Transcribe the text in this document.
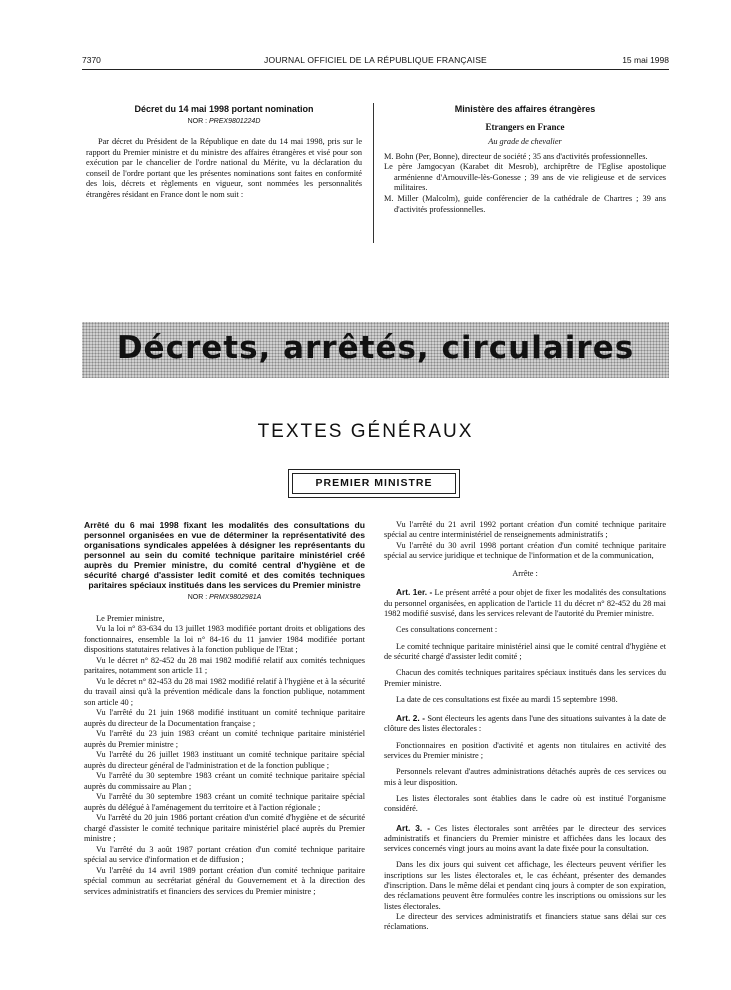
7370	JOURNAL OFFICIEL DE LA RÉPUBLIQUE FRANÇAISE	15 mai 1998
Décret du 14 mai 1998 portant nomination
NOR : PREX9801224D

Par décret du Président de la République en date du 14 mai 1998, pris sur le rapport du Premier ministre et du ministre des affaires étrangères et visé pour son exécution par le chancelier de l'ordre national du Mérite, vu la déclaration du conseil de l'ordre portant que les présentes nominations sont faites en conformité des lois, décrets et règlements en vigueur, sont nommées les personnalités étrangères résidant en France dont le nom suit :

Ministère des affaires étrangères
Etrangers en France
Au grade de chevalier

M. Bohn (Per, Bonne), directeur de société ; 35 ans d'activités professionnelles.

Le père Jamgocyan (Karabet dit Mesrob), archiprêtre de l'Eglise apostolique arménienne d'Arnouville-lès-Gonesse ; 39 ans de vie religieuse et de services militaires.

M. Miller (Malcolm), guide conférencier de la cathédrale de Chartres ; 39 ans d'activités professionnelles.

Décrets, arrêtés, circulaires
TEXTES GÉNÉRAUX
PREMIER MINISTRE
Arrêté du 6 mai 1998 fixant les modalités des consultations du personnel organisées en vue de déterminer la représentativité des organisations syndicales appelées à désigner les représentants du personnel au sein du comité technique paritaire ministériel créé auprès du Premier ministre, du comité central d'hygiène et de sécurité chargé d'assister ledit comité et des comités techniques paritaires spéciaux institués dans les services du Premier ministre
NOR : PRMX9802981A

Le Premier ministre,

Vu la loi n° 83-634 du 13 juillet 1983 modifiée portant droits et obligations des fonctionnaires, ensemble la loi n° 84-16 du 11 janvier 1984 modifiée portant dispositions statutaires relatives à la fonction publique de l'Etat ;

Vu le décret n° 82-452 du 28 mai 1982 modifié relatif aux comités techniques paritaires, notamment son article 11 ;

Vu le décret n° 82-453 du 28 mai 1982 modifié relatif à l'hygiène et à la sécurité du travail ainsi qu'à la prévention médicale dans la fonction publique, notamment son article 40 ;

Vu l'arrêté du 21 juin 1968 modifié instituant un comité technique paritaire auprès du directeur de la Documentation française ;

Vu l'arrêté du 23 juin 1983 créant un comité technique paritaire ministériel auprès du Premier ministre ;

Vu l'arrêté du 26 juillet 1983 instituant un comité technique paritaire spécial auprès du directeur général de l'administration et de la fonction publique ;

Vu l'arrêté du 30 septembre 1983 créant un comité technique paritaire spécial auprès du commissaire au Plan ;

Vu l'arrêté du 30 septembre 1983 créant un comité technique paritaire spécial auprès du délégué à l'aménagement du territoire et à l'action régionale ;

Vu l'arrêté du 20 juin 1986 portant création d'un comité d'hygiène et de sécurité chargé d'assister le comité technique paritaire ministériel placé auprès du Premier ministre ;

Vu l'arrêté du 3 août 1987 portant création d'un comité technique paritaire spécial au service d'information et de diffusion ;

Vu l'arrêté du 14 avril 1989 portant création d'un comité technique paritaire spécial commun au secrétariat général du Gouvernement et à la direction des services administratifs et financiers des services du Premier ministre ;

Vu l'arrêté du 21 avril 1992 portant création d'un comité technique paritaire spécial au centre interministériel de renseignements administratifs ;

Vu l'arrêté du 30 avril 1998 portant création d'un comité technique paritaire spécial au service juridique et technique de l'information et de la communication,

Arrête :

Art. 1er. - Le présent arrêté a pour objet de fixer les modalités des consultations du personnel organisées, en application de l'article 11 du décret n° 82-452 du 28 mai 1982 modifié susvisé, dans les services relevant de l'autorité du Premier ministre.

Ces consultations concernent :

Le comité technique paritaire ministériel ainsi que le comité central d'hygiène et de sécurité chargé d'assister ledit comité ;

Chacun des comités techniques paritaires spéciaux institués dans les services du Premier ministre.

La date de ces consultations est fixée au mardi 15 septembre 1998.

Art. 2. - Sont électeurs les agents dans l'une des situations suivantes à la date de clôture des listes électorales :

Fonctionnaires en position d'activité et agents non titulaires en activité des services du Premier ministre ;

Personnels relevant d'autres administrations détachés auprès de ces services ou mis à leur disposition.

Les listes électorales sont établies dans le cadre où est institué l'organisme considéré.

Art. 3. - Ces listes électorales sont arrêtées par le directeur des services administratifs et financiers du Premier ministre et affichées dans les locaux des services concernés vingt jours au moins avant la date fixée pour la consultation.

Dans les dix jours qui suivent cet affichage, les électeurs peuvent vérifier les inscriptions sur les listes électorales et, le cas échéant, présenter des demandes d'inscription. Dans le même délai et pendant cinq jours à compter de son expiration, des réclamations peuvent être formulées contre les inscriptions ou omissions sur les listes électorales.

Le directeur des services administratifs et financiers statue sans délai sur ces réclamations.
